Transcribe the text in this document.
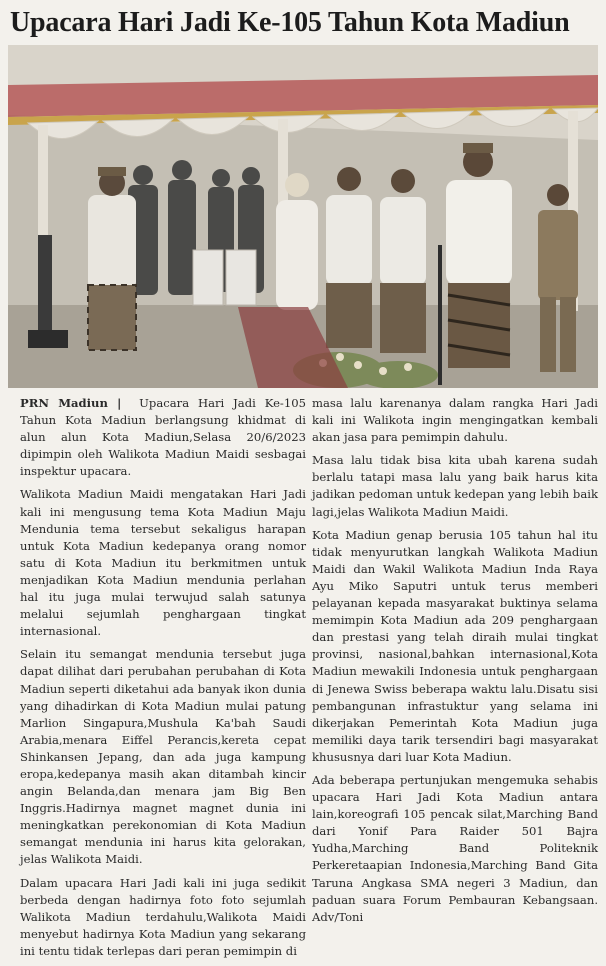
Upacara Hari Jadi Ke-105 Tahun Kota Madiun

PRN Madiun | Upacara Hari Jadi Ke-105 Tahun Kota Madiun berlangsung khidmat di alun alun Kota Madiun,Selasa 20/6/2023 dipimpin oleh Walikota Madiun Maidi sesbagai inspektur upacara.

Walikota Madiun Maidi mengatakan Hari Jadi kali ini mengusung tema Kota Madiun Maju Mendunia tema tersebut sekaligus harapan untuk Kota Madiun kedepanya orang nomor satu di Kota Madiun itu berkmitmen untuk menjadikan Kota Madiun mendunia perlahan hal itu juga mulai terwujud salah satunya melalui sejumlah penghargaan tingkat internasional.

Selain itu semangat mendunia tersebut juga dapat dilihat dari perubahan perubahan di Kota Madiun seperti diketahui ada banyak ikon dunia yang dihadirkan di Kota Madiun mulai patung Marlion Singapura,Mushula Ka'bah Saudi Arabia,menara Eiffel Perancis,kereta cepat Shinkansen Jepang, dan ada juga kampung eropa,kedepanya masih akan ditambah kincir angin Belanda,dan menara jam Big Ben Inggris.Hadirnya magnet magnet dunia ini meningkatkan perekonomian di Kota Madiun semangat mendunia ini harus kita gelorakan, jelas Walikota Maidi.

Dalam upacara Hari Jadi kali ini juga sedikit berbeda dengan hadirnya foto foto sejumlah Walikota Madiun terdahulu,Walikota Maidi menyebut hadirnya Kota Madiun yang sekarang ini tentu tidak terlepas dari peran pemimpin di

masa lalu karenanya dalam rangka Hari Jadi kali ini Walikota ingin mengingatkan kembali akan jasa para pemimpin dahulu.

Masa lalu tidak bisa kita ubah karena sudah berlalu tatapi masa lalu yang baik harus kita jadikan pedoman untuk kedepan yang lebih baik lagi,jelas Walikota Madiun Maidi.

Kota Madiun genap berusia 105 tahun hal itu tidak menyurutkan langkah Walikota Madiun Maidi dan Wakil Walikota Madiun Inda Raya Ayu Miko Saputri untuk terus memberi pelayanan kepada masyarakat buktinya selama memimpin Kota Madiun ada 209 penghargaan dan prestasi yang telah diraih mulai tingkat provinsi, nasional,bahkan internasional,Kota Madiun mewakili Indonesia untuk penghargaan di Jenewa Swiss beberapa waktu lalu.Disatu sisi pembangunan infrastuktur yang selama ini dikerjakan Pemerintah Kota Madiun juga memiliki daya tarik tersendiri bagi masyarakat khususnya dari luar Kota Madiun.

Ada beberapa pertunjukan mengemuka sehabis upacara Hari Jadi Kota Madiun antara lain,koreografi 105 pencak silat,Marching Band dari Yonif Para Raider 501 Bajra Yudha,Marching Band Politeknik Perkeretaapian Indonesia,Marching Band Gita Taruna Angkasa SMA negeri 3 Madiun, dan paduan suara Forum Pembauran Kebangsaan. Adv/Toni
